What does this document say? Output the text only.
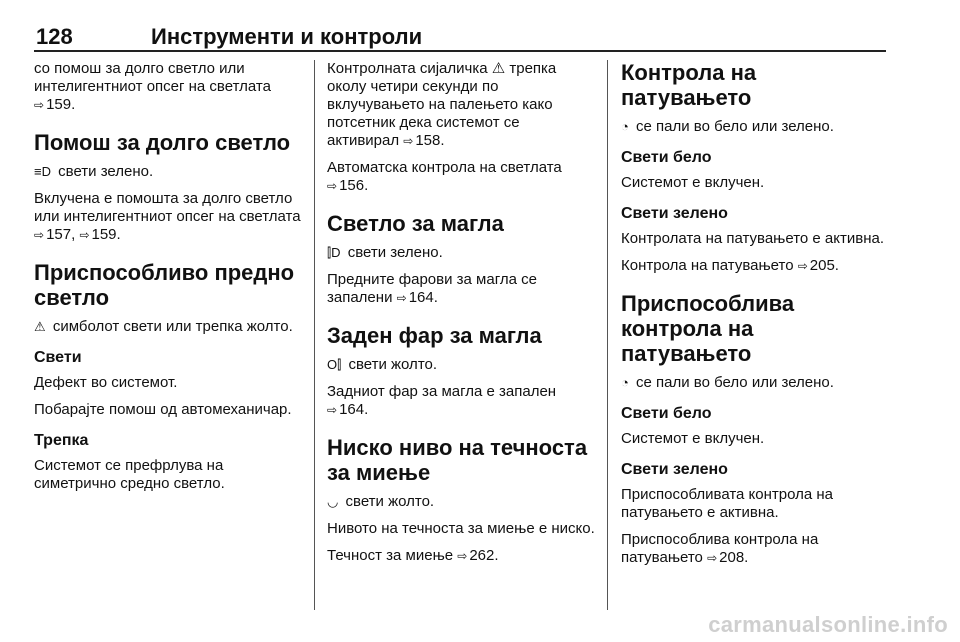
128	Инструменти и контроли

со помош за долго светло или интелигентниот опсег на светлата
⇨ 159.

Помош за долго светло

≡D свети зелено.

Вклучена е помошта за долго светло или интелигентниот опсег на светлата ⇨ 157, ⇨ 159.

Приспособливо предно светло

⚠ симболот свети или трепка жолто.

Свети

Дефект во системот.

Побарајте помош од автомеханичар.

Трепка

Системот се префрлува на симетрично средно светло.

Контролната сијаличка ⚠ трепка околу четири секунди по вклучувањето на палењето како потсетник дека системот се активирал ⇨ 158.

Автоматска контрола на светлата
⇨ 156.

Светло за магла

⫿D свети зелено.

Предните фарови за магла се запалени ⇨ 164.

Заден фар за магла

O⫿ свети жолто.

Задниот фар за магла е запален
⇨ 164.

Ниско ниво на течноста за миење

◡ свети жолто.

Нивото на течноста за миење е ниско.

Течност за миење ⇨ 262.

Контрола на патувањето

◔ се пали во бело или зелено.

Свети бело

Системот е вклучен.

Свети зелено

Контролата на патувањето е активна.

Контрола на патувањето ⇨ 205.

Приспособлива контрола на патувањето

◔ се пали во бело или зелено.

Свети бело

Системот е вклучен.

Свети зелено

Приспособливата контрола на патувањето е активна.

Приспособлива контрола на патувањето ⇨ 208.

carmanualsonline.info
